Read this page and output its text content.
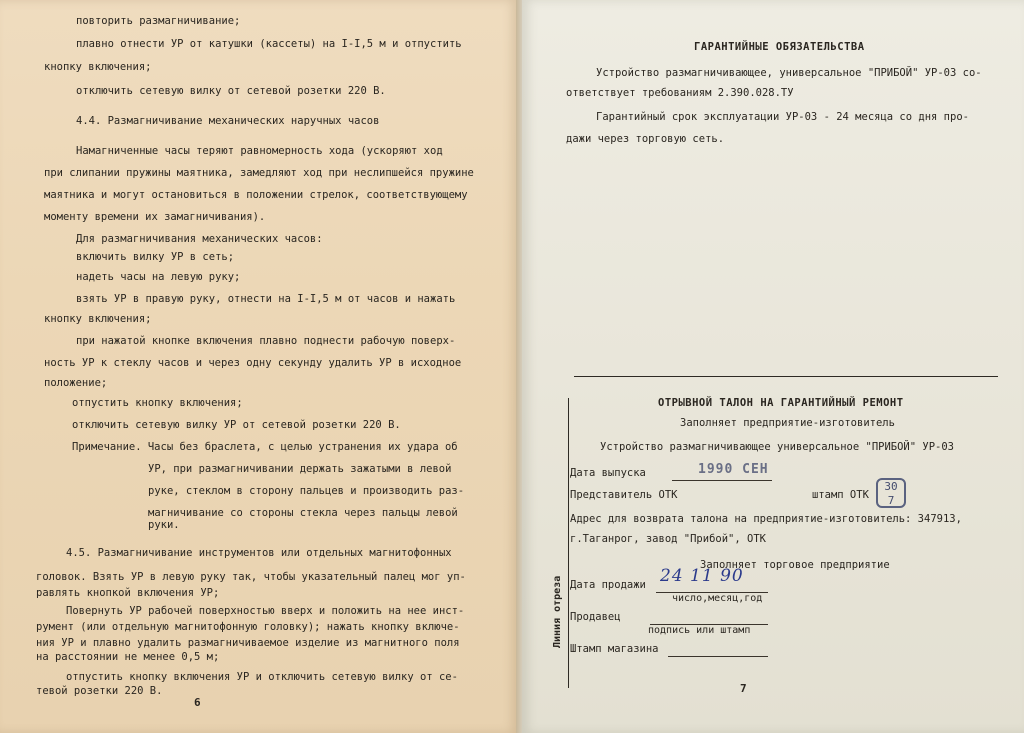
повторить размагничивание;
плавно отнести УР от катушки (кассеты) на I-I,5 м и отпустить
кнопку включения;
отключить сетевую вилку от сетевой розетки 220 В.
4.4. Размагничивание механических наручных часов
Намагниченные часы теряют равномерность хода (ускоряют ход
при слипании пружины маятника, замедляют ход при неслипшейся пружине
маятника и могут остановиться в положении стрелок, соответствующему
моменту времени их замагничивания).
Для размагничивания механических часов:
включить вилку УР в сеть;
надеть часы на левую руку;
взять УР в правую руку, отнести на I-I,5 м от часов и нажать
кнопку включения;
при нажатой кнопке включения плавно поднести рабочую поверх-
ность УР к стеклу часов и через одну секунду удалить УР в исходное
положение;
отпустить кнопку включения;
отключить сетевую вилку УР от сетевой розетки 220 В.
Примечание. Часы без браслета, с целью устранения их удара об
УР, при размагничивании держать зажатыми в левой
руке, стеклом в сторону пальцев и производить раз-
магничивание со стороны стекла через пальцы левой
руки.
4.5. Размагничивание инструментов или отдельных магнитофонных
головок. Взять УР в левую руку так, чтобы указательный палец мог уп-
равлять кнопкой включения УР;
Повернуть УР рабочей поверхностью вверх и положить на нее инст-
румент (или отдельную магнитофонную головку); нажать кнопку включе-
ния УР и плавно удалить размагничиваемое изделие из магнитного поля
на расстоянии не менее 0,5 м;
отпустить кнопку включения УР и отключить сетевую вилку от се-
тевой розетки 220 В.
6
ГАРАНТИЙНЫЕ ОБЯЗАТЕЛЬСТВА
Устройство размагничивающее, универсальное "ПРИБОЙ" УР-03 со-
ответствует требованиям 2.390.028.ТУ
Гарантийный срок эксплуатации УР-03 - 24 месяца со дня про-
дажи через торговую сеть.
Линия отреза
ОТРЫВНОЙ ТАЛОН НА ГАРАНТИЙНЫЙ РЕМОНТ
Заполняет предприятие-изготовитель
Устройство размагничивающее универсальное "ПРИБОЙ" УР-03
Дата выпуска	1990 СЕН
Представитель ОТК	штамп ОТК
30
7
Адрес для возврата талона на предприятие-изготовитель: 347913,
г.Таганрог, завод "Прибой", ОТК
Заполняет торговое предприятие
Дата продажи 24 11 90
число,месяц,год
Продавец
подпись или штамп
Штамп магазина
7
